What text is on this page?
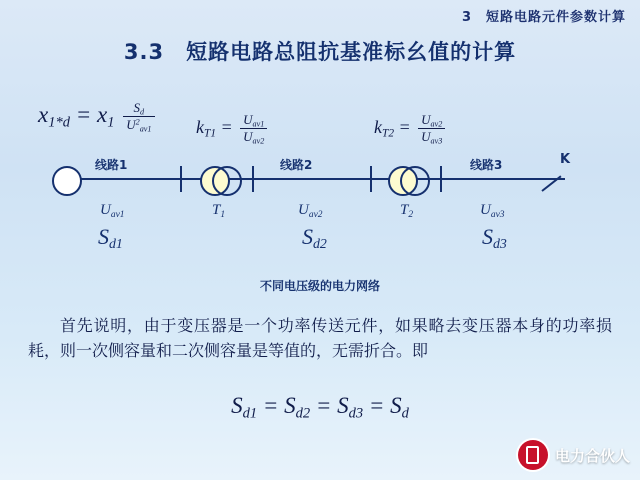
3　短路电路元件参数计算
3.3　短路电路总阻抗基准标幺值的计算
$x_{1*d} = x_1 \frac{S_d}{U^2_{av1}} k_{T1} = \frac{U_{av1}}{U_{av2}}$	$k_{T2} = \frac{U_{av2}}{U_{av3}}$
K
线路1	线路2	线路3
$U_{av1}$	$U_{av2}$	$U_{av3}$
$T_1$	$T_2$
$S_{d1}$	$S_{d2}$	$S_{d3}$
不同电压级的电力网络
首先说明，由于变压器是一个功率传送元件，如果略去变压器本身的功率损耗，则一次侧容量和二次侧容量是等值的，无需折合。即
$S_{d1} = S_{d2} = S_{d3} = S_d$
电力合伙人
